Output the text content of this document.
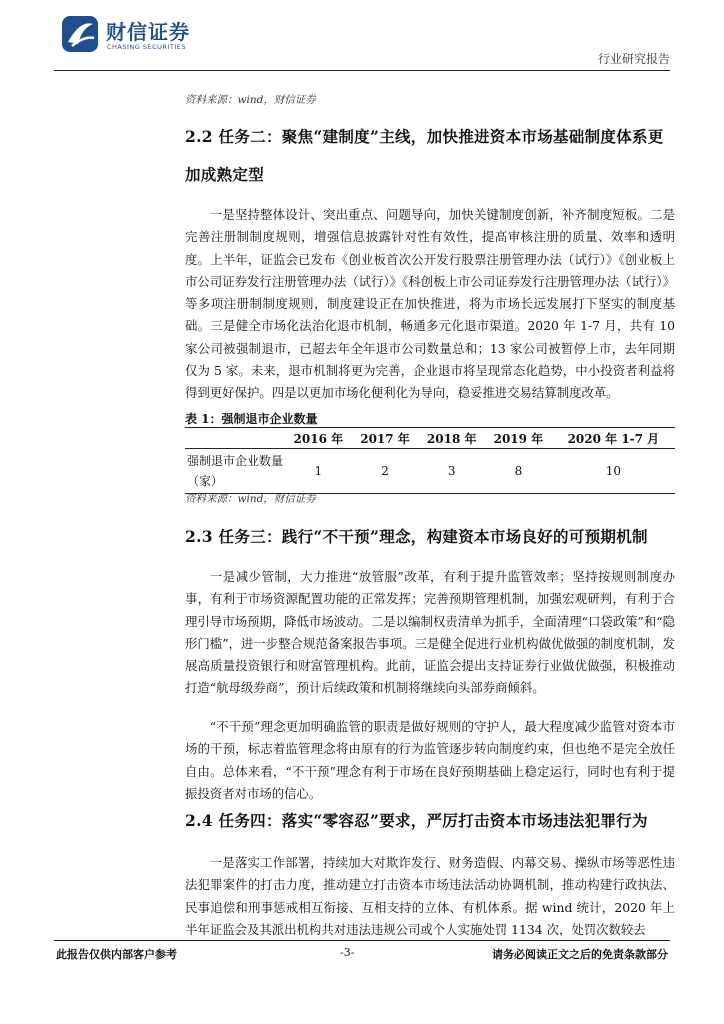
财信证券
CHASING SECURITIES
行业研究报告
资料来源：wind，财信证券
2.2 任务二：聚焦“建制度”主线，加快推进资本市场基础制度体系更加成熟定型
一是坚持整体设计、突出重点、问题导向，加快关键制度创新，补齐制度短板。二是完善注册制制度规则，增强信息披露针对性有效性，提高审核注册的质量、效率和透明度。上半年，证监会已发布《创业板首次公开发行股票注册管理办法（试行）》《创业板上市公司证券发行注册管理办法（试行）》《科创板上市公司证券发行注册管理办法（试行）》等多项注册制制度规则，制度建设正在加快推进，将为市场长远发展打下坚实的制度基础。三是健全市场化法治化退市机制，畅通多元化退市渠道。2020 年 1-7 月，共有 10 家公司被强制退市，已超去年全年退市公司数量总和；13 家公司被暂停上市，去年同期仅为 5 家。未来，退市机制将更为完善，企业退市将呈现常态化趋势，中小投资者利益将得到更好保护。四是以更加市场化便利化为导向，稳妥推进交易结算制度改革。
表 1：强制退市企业数量
	2016 年	2017 年	2018 年	2019 年	2020 年 1-7 月
强制退市企业数量（家）	1	2	3	8	10
资料来源：wind，财信证券
2.3 任务三：践行“不干预”理念，构建资本市场良好的可预期机制
一是减少管制，大力推进“放管服”改革，有利于提升监管效率；坚持按规则制度办事，有利于市场资源配置功能的正常发挥；完善预期管理机制，加强宏观研判，有利于合理引导市场预期，降低市场波动。二是以编制权责清单为抓手，全面清理“口袋政策”和“隐形门槛”，进一步整合规范备案报告事项。三是健全促进行业机构做优做强的制度机制，发展高质量投资银行和财富管理机构。此前，证监会提出支持证券行业做优做强，积极推动打造“航母级券商”，预计后续政策和机制将继续向头部券商倾斜。
“不干预”理念更加明确监管的职责是做好规则的守护人，最大程度减少监管对资本市场的干预，标志着监管理念将由原有的行为监管逐步转向制度约束，但也绝不是完全放任自由。总体来看，“不干预”理念有利于市场在良好预期基础上稳定运行，同时也有利于提振投资者对市场的信心。
2.4 任务四：落实“零容忍”要求，严厉打击资本市场违法犯罪行为
一是落实工作部署，持续加大对欺诈发行、财务造假、内幕交易、操纵市场等恶性违法犯罪案件的打击力度，推动建立打击资本市场违法活动协调机制，推动构建行政执法、民事追偿和刑事惩戒相互衔接、互相支持的立体、有机体系。据 wind 统计，2020 年上半年证监会及其派出机构共对违法违规公司或个人实施处罚 1134 次，处罚次数较去
此报告仅供内部客户参考	-3-	请务必阅读正文之后的免责条款部分
